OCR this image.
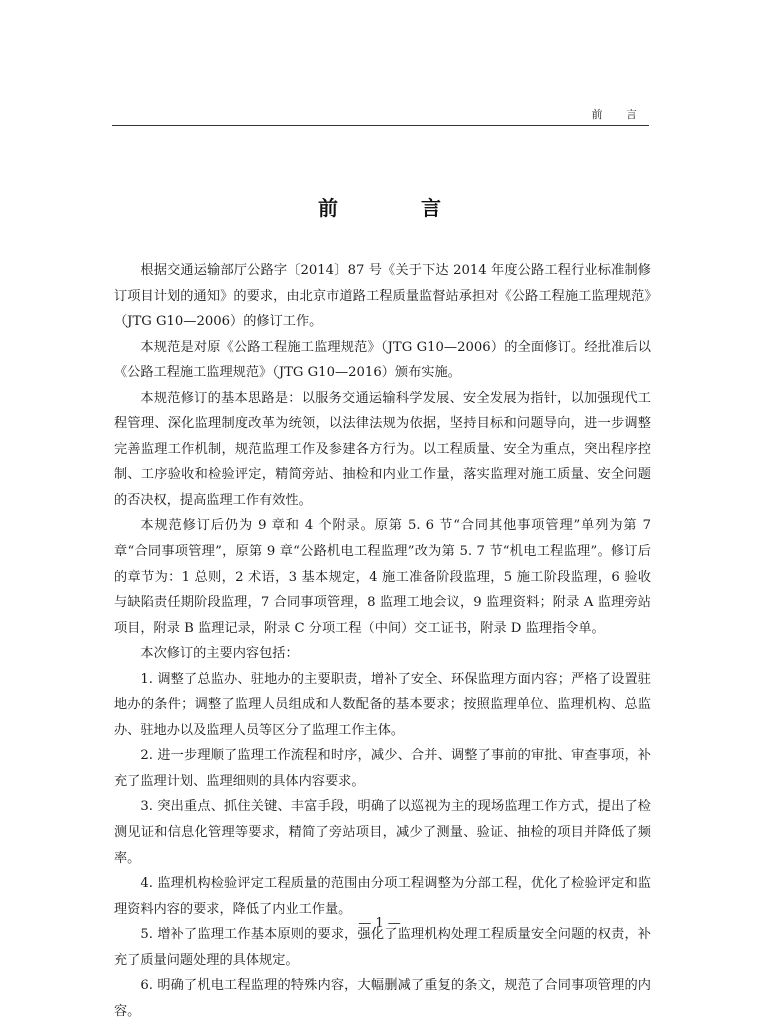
前 言
前 言

根据交通运输部厅公路字〔2014〕87 号《关于下达 2014 年度公路工程行业标准制修订项目计划的通知》的要求，由北京市道路工程质量监督站承担对《公路工程施工监理规范》（JTG G10—2006）的修订工作。

本规范是对原《公路工程施工监理规范》（JTG G10—2006）的全面修订。经批准后以《公路工程施工监理规范》（JTG G10—2016）颁布实施。

本规范修订的基本思路是：以服务交通运输科学发展、安全发展为指针，以加强现代工程管理、深化监理制度改革为统领，以法律法规为依据，坚持目标和问题导向，进一步调整完善监理工作机制，规范监理工作及参建各方行为。以工程质量、安全为重点，突出程序控制、工序验收和检验评定，精简旁站、抽检和内业工作量，落实监理对施工质量、安全问题的否决权，提高监理工作有效性。

本规范修订后仍为 9 章和 4 个附录。原第 5. 6 节“合同其他事项管理”单列为第 7 章“合同事项管理”，原第 9 章“公路机电工程监理”改为第 5. 7 节“机电工程监理”。修订后的章节为：1 总则，2 术语，3 基本规定，4 施工准备阶段监理，5 施工阶段监理，6 验收与缺陷责任期阶段监理，7 合同事项管理，8 监理工地会议，9 监理资料；附录 A 监理旁站项目，附录 B 监理记录，附录 C 分项工程（中间）交工证书，附录 D 监理指令单。

本次修订的主要内容包括：

1. 调整了总监办、驻地办的主要职责，增补了安全、环保监理方面内容；严格了设置驻地办的条件；调整了监理人员组成和人数配备的基本要求；按照监理单位、监理机构、总监办、驻地办以及监理人员等区分了监理工作主体。

2. 进一步理顺了监理工作流程和时序，减少、合并、调整了事前的审批、审查事项，补充了监理计划、监理细则的具体内容要求。

3. 突出重点、抓住关键、丰富手段，明确了以巡视为主的现场监理工作方式，提出了检测见证和信息化管理等要求，精简了旁站项目，减少了测量、验证、抽检的项目并降低了频率。

4. 监理机构检验评定工程质量的范围由分项工程调整为分部工程，优化了检验评定和监理资料内容的要求，降低了内业工作量。

5. 增补了监理工作基本原则的要求，强化了监理机构处理工程质量安全问题的权责，补充了质量问题处理的具体规定。

6. 明确了机电工程监理的特殊内容，大幅删减了重复的条文，规范了合同事项管理的内容。

— 1 —
